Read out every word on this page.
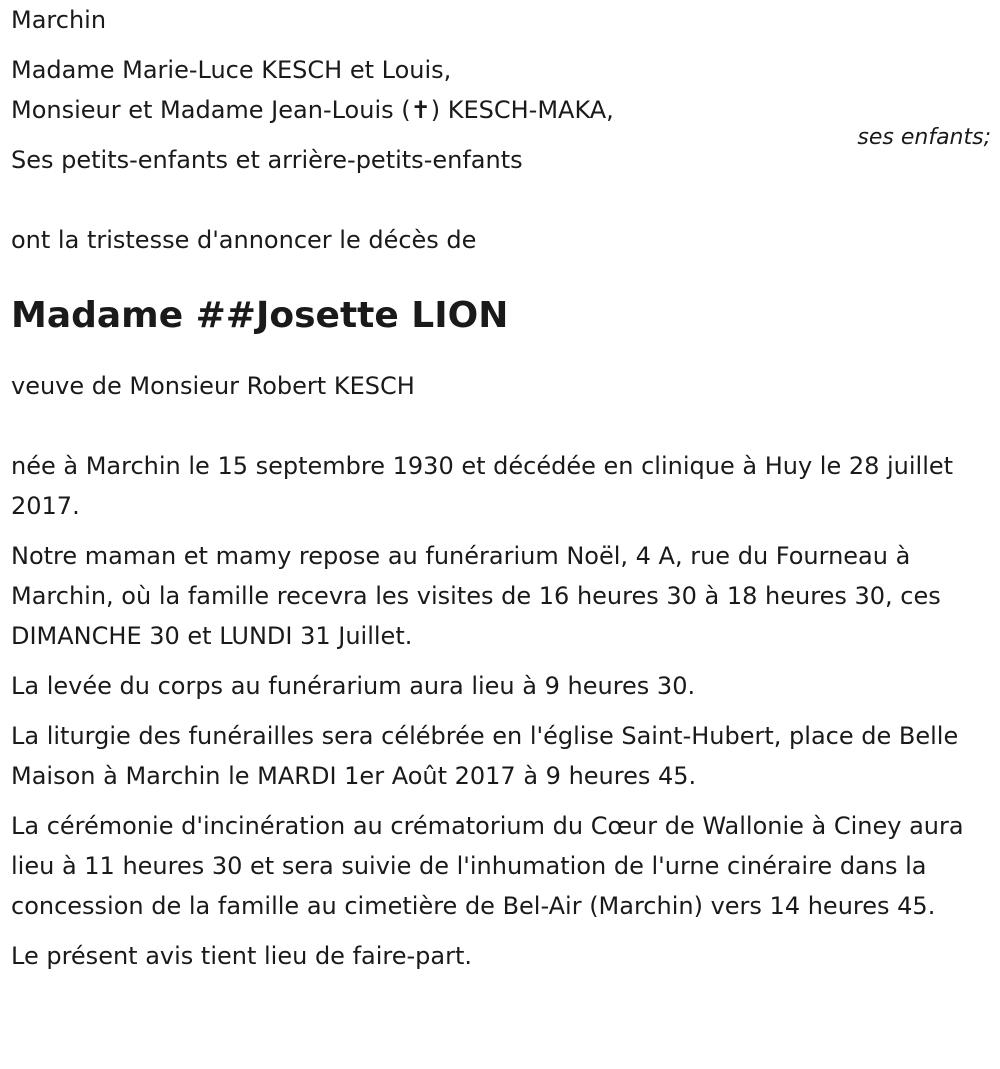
Marchin

Madame Marie-Luce KESCH et Louis,

Monsieur et Madame Jean-Louis (✝) KESCH-MAKA,

Ses petits-enfants et arrière-petits-enfants

ont la tristesse d'annoncer le décès de

Madame ##Josette LION

veuve de Monsieur Robert KESCH

née à Marchin le 15 septembre 1930 et décédée en clinique à Huy le 28 juillet 2017.

Notre maman et mamy repose au funérarium Noël, 4 A, rue du Fourneau à Marchin, où la famille recevra les visites de 16 heures 30 à 18 heures 30, ces DIMANCHE 30 et LUNDI 31 Juillet.

La levée du corps au funérarium aura lieu à 9 heures 30.

La liturgie des funérailles sera célébrée en l'église Saint-Hubert, place de Belle Maison à Marchin le MARDI 1er Août 2017 à 9 heures 45.

La cérémonie d'incinération au crématorium du Cœur de Wallonie à Ciney aura lieu à 11 heures 30 et sera suivie de l'inhumation de l'urne cinéraire dans la concession de la famille au cimetière de Bel-Air (Marchin) vers 14 heures 45.

Le présent avis tient lieu de faire-part.

ses enfants;
